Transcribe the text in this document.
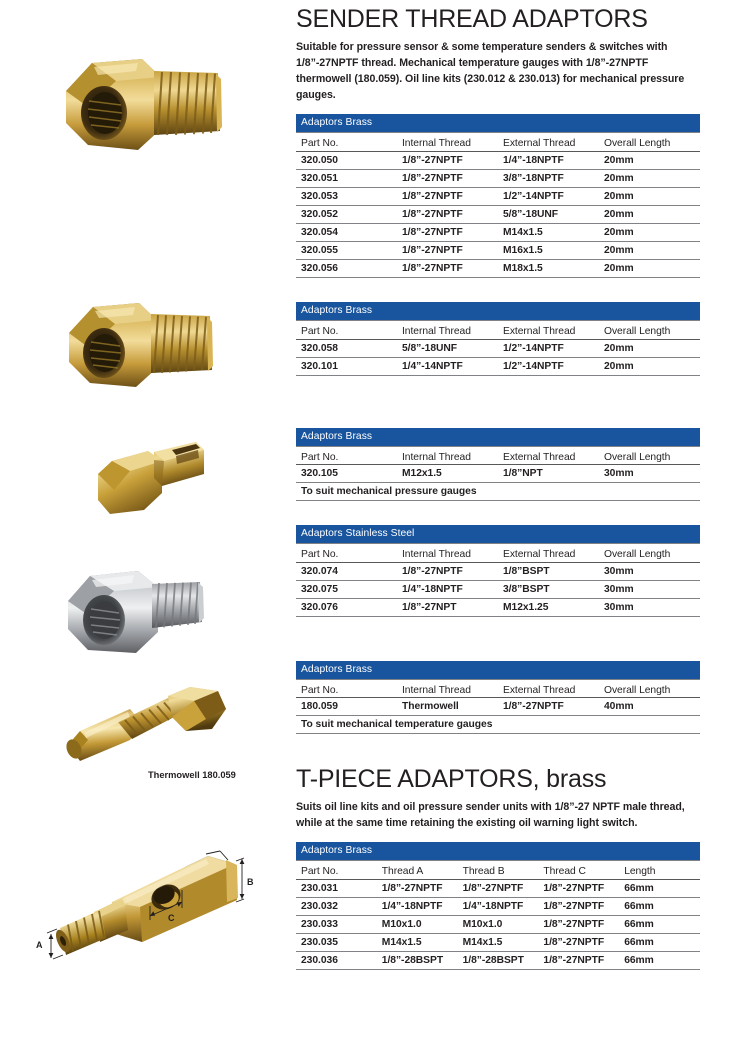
Thermowell 180.059
A
B
C
SENDER THREAD ADAPTORS

Suitable for pressure sensor & some temperature senders & switches with 1/8”-27NPTF thread. Mechanical temperature gauges with 1/8”-27NPTF thermowell (180.059). Oil line kits (230.012 & 230.013) for mechanical pressure gauges.

Adaptors Brass			
Part No.	Internal Thread	External Thread	Overall Length
320.050	1/8”-27NPTF	1/4”-18NPTF	20mm
320.051	1/8”-27NPTF	3/8”-18NPTF	20mm
320.053	1/8”-27NPTF	1/2”-14NPTF	20mm
320.052	1/8”-27NPTF	5/8”-18UNF	20mm
320.054	1/8”-27NPTF	M14x1.5	20mm
320.055	1/8”-27NPTF	M16x1.5	20mm
320.056	1/8”-27NPTF	M18x1.5	20mm
Adaptors Brass			
Part No.	Internal Thread	External Thread	Overall Length
320.058	5/8”-18UNF	1/2”-14NPTF	20mm
320.101	1/4”-14NPTF	1/2”-14NPTF	20mm
Adaptors Brass			
Part No.	Internal Thread	External Thread	Overall Length
320.105	M12x1.5	1/8”NPT	30mm
To suit mechanical pressure gauges			
Adaptors Stainless Steel			
Part No.	Internal Thread	External Thread	Overall Length
320.074	1/8”-27NPTF	1/8”BSPT	30mm
320.075	1/4”-18NPTF	3/8”BSPT	30mm
320.076	1/8”-27NPT	M12x1.25	30mm
Adaptors Brass			
Part No.	Internal Thread	External Thread	Overall Length
180.059	Thermowell	1/8”-27NPTF	40mm
To suit mechanical temperature gauges			
T-PIECE ADAPTORS, brass

Suits oil line kits and oil pressure sender units with 1/8”-27 NPTF male thread, while at the same time retaining the existing oil warning light switch.

Adaptors Brass				
Part No.	Thread A	Thread B	Thread C	Length
230.031	1/8”-27NPTF	1/8”-27NPTF	1/8”-27NPTF	66mm
230.032	1/4”-18NPTF	1/4”-18NPTF	1/8”-27NPTF	66mm
230.033	M10x1.0	M10x1.0	1/8”-27NPTF	66mm
230.035	M14x1.5	M14x1.5	1/8”-27NPTF	66mm
230.036	1/8”-28BSPT	1/8”-28BSPT	1/8”-27NPTF	66mm
